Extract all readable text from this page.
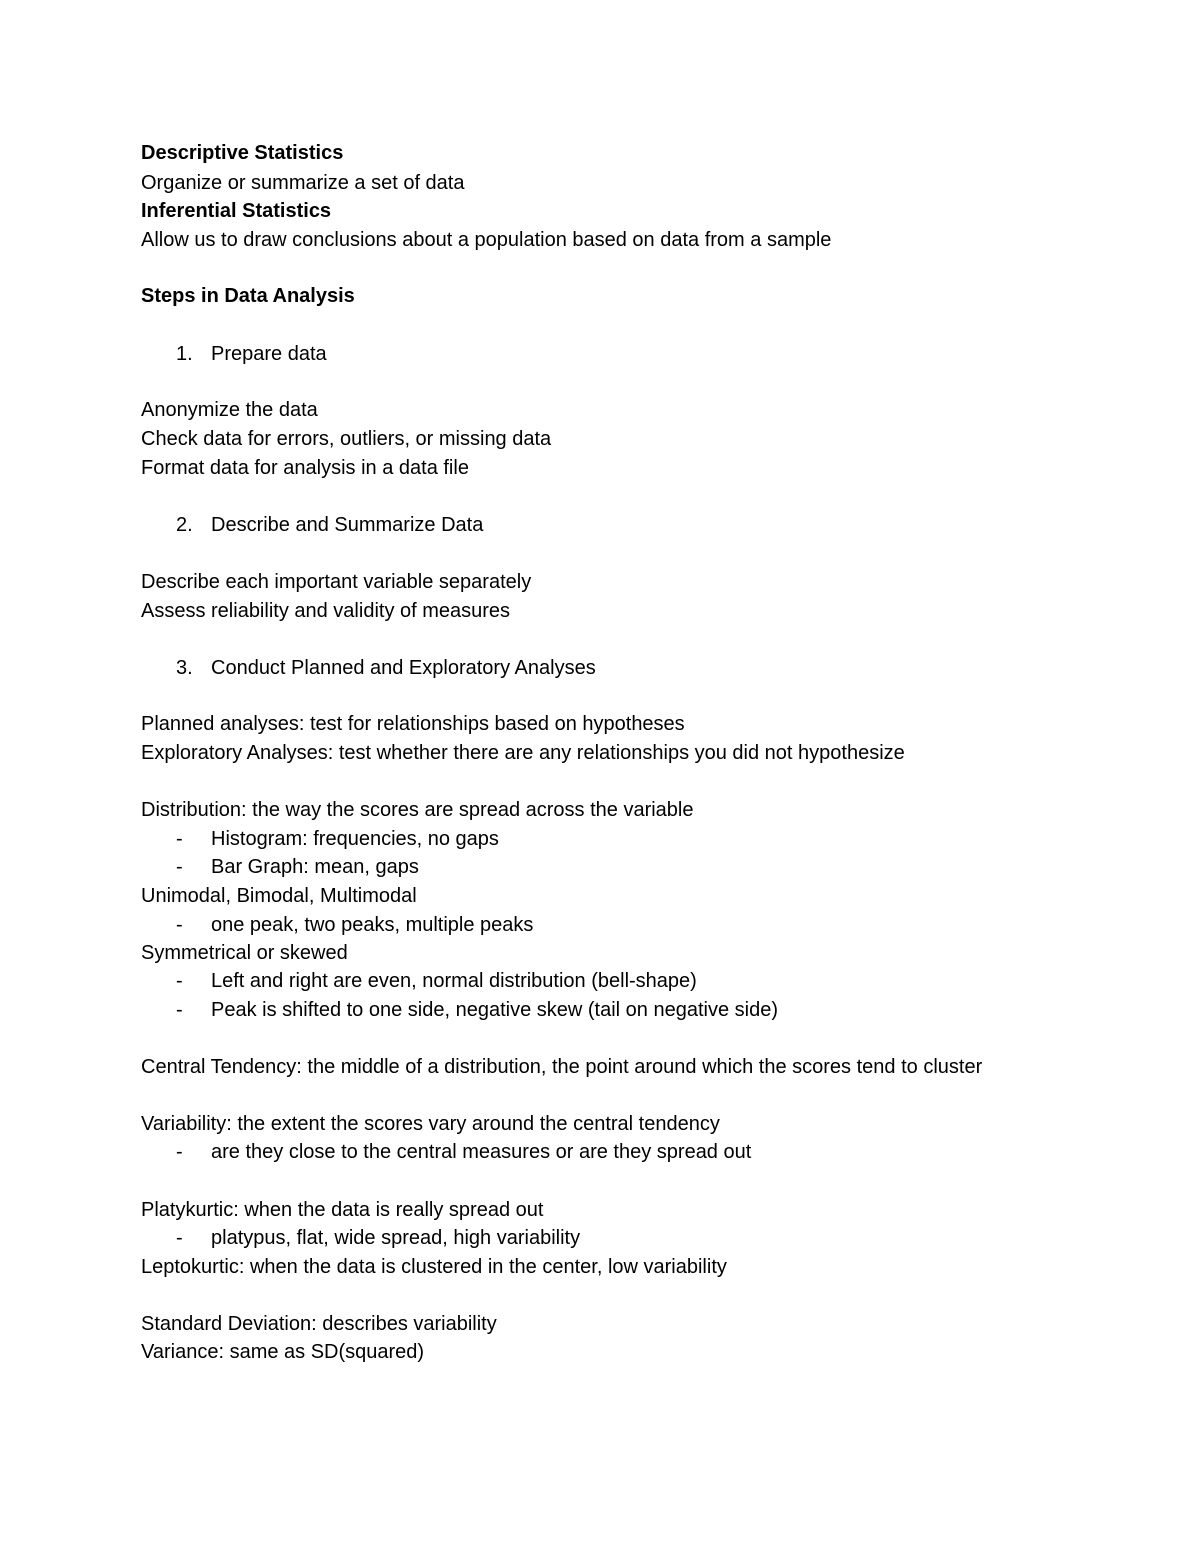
Descriptive Statistics
Organize or summarize a set of data
Inferential Statistics
Allow us to draw conclusions about a population based on data from a sample
Steps in Data Analysis
1. Prepare data
Anonymize the data
Check data for errors, outliers, or missing data
Format data for analysis in a data file
2. Describe and Summarize Data
Describe each important variable separately
Assess reliability and validity of measures
3. Conduct Planned and Exploratory Analyses
Planned analyses: test for relationships based on hypotheses
Exploratory Analyses: test whether there are any relationships you did not hypothesize
Distribution: the way the scores are spread across the variable
- Histogram: frequencies, no gaps
- Bar Graph: mean, gaps
Unimodal, Bimodal, Multimodal
- one peak, two peaks, multiple peaks
Symmetrical or skewed
- Left and right are even, normal distribution (bell-shape)
- Peak is shifted to one side, negative skew (tail on negative side)
Central Tendency: the middle of a distribution, the point around which the scores tend to cluster
Variability: the extent the scores vary around the central tendency
- are they close to the central measures or are they spread out
Platykurtic: when the data is really spread out
- platypus, flat, wide spread, high variability
Leptokurtic: when the data is clustered in the center, low variability
Standard Deviation: describes variability
Variance: same as SD(squared)
